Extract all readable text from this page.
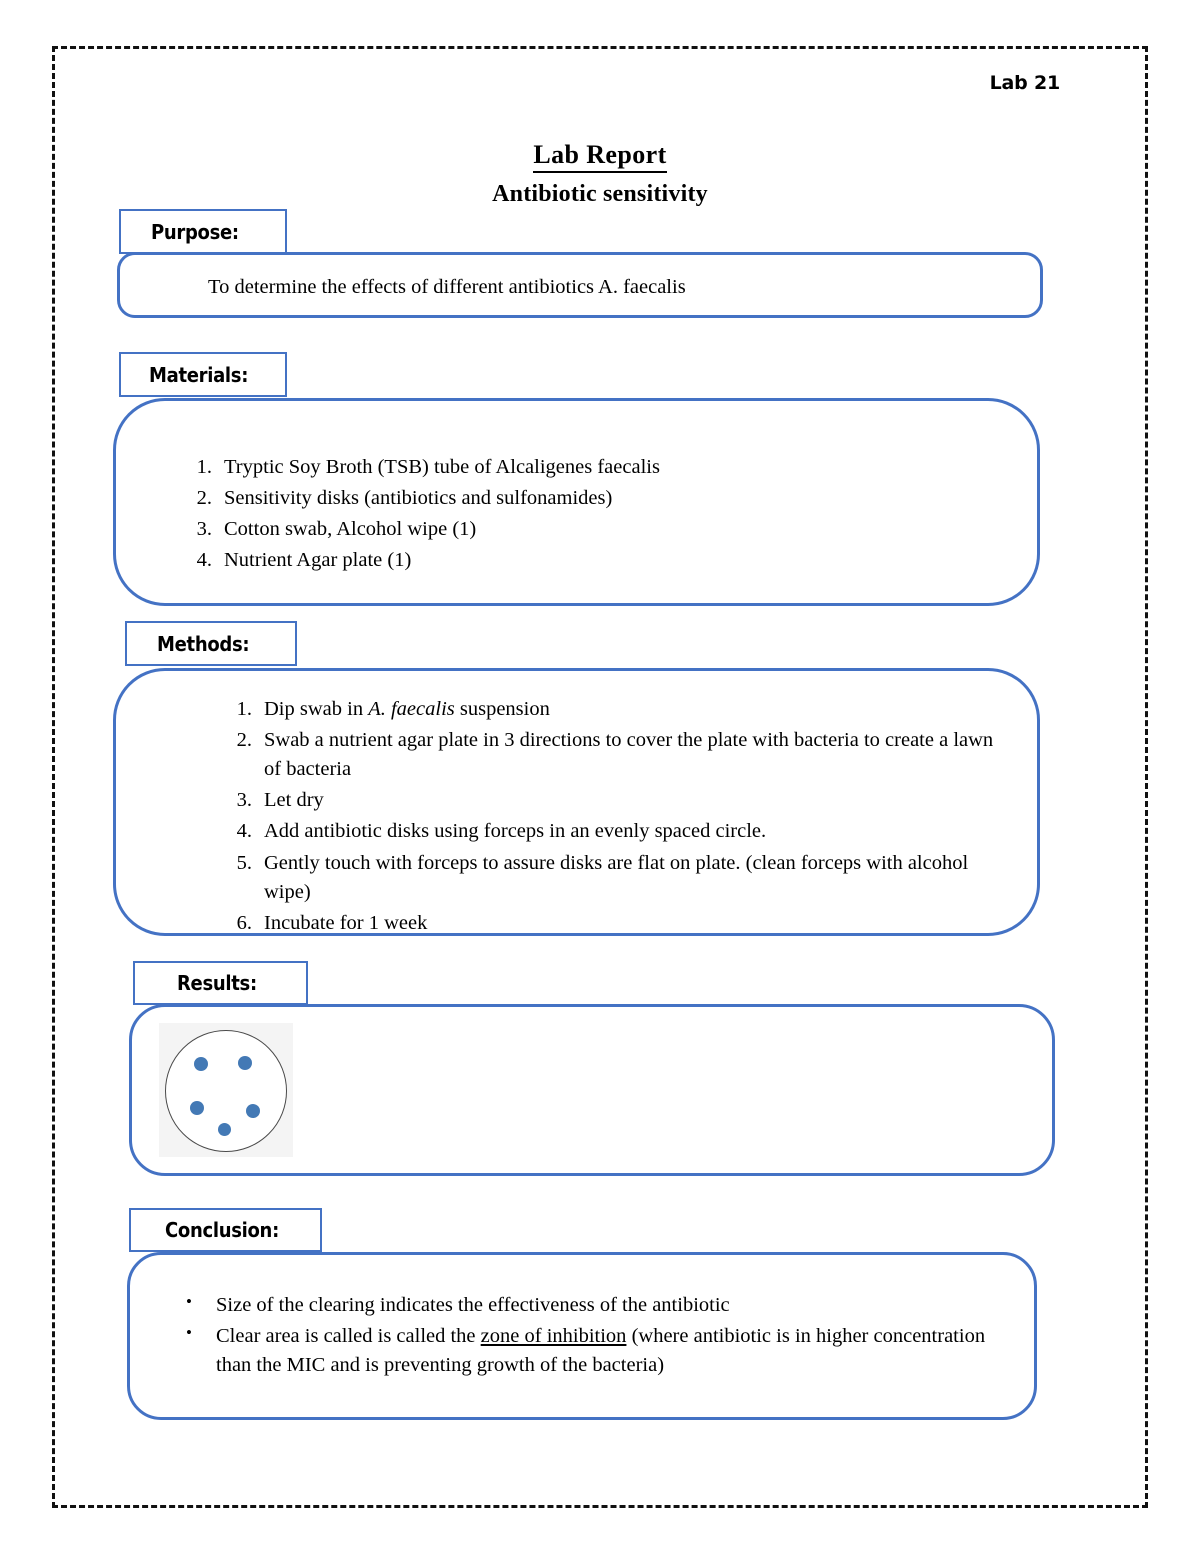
Lab 21
Lab Report
Antibiotic sensitivity
Purpose:
To determine the effects of different antibiotics A. faecalis
Materials:
1. Tryptic Soy Broth (TSB) tube of Alcaligenes faecalis
2. Sensitivity disks (antibiotics and sulfonamides)
3. Cotton swab, Alcohol wipe (1)
4. Nutrient Agar plate (1)
Methods:
1. Dip swab in A. faecalis suspension
2. Swab a nutrient agar plate in 3 directions to cover the plate with bacteria to create a lawn of bacteria
3. Let dry
4. Add antibiotic disks using forceps in an evenly spaced circle.
5. Gently touch with forceps to assure disks are flat on plate. (clean forceps with alcohol wipe)
6. Incubate for 1 week
Results:
Conclusion:
• Size of the clearing indicates the effectiveness of the antibiotic
• Clear area is called is called the zone of inhibition (where antibiotic is in higher concentration than the MIC and is preventing growth of the bacteria)
